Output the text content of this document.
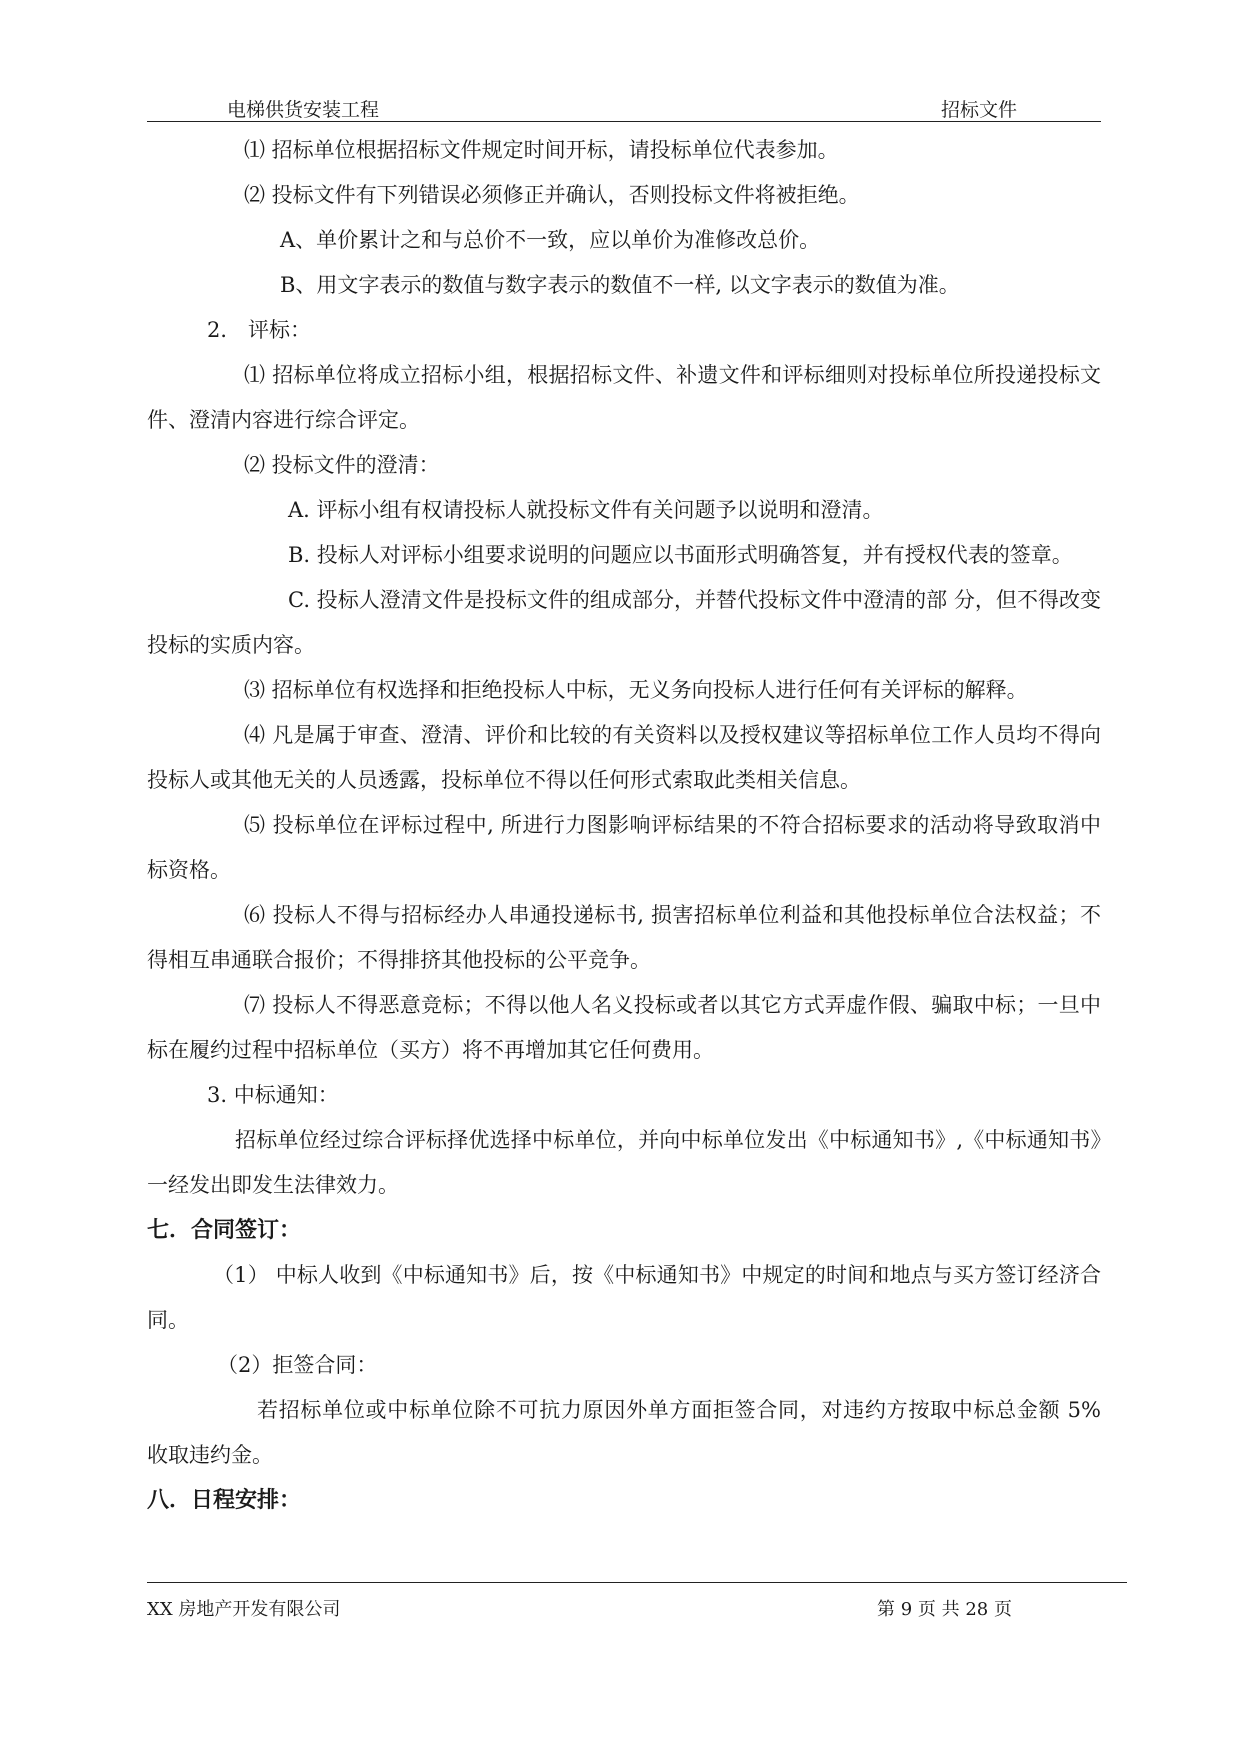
电梯供货安装工程	招标文件

⑴ 招标单位根据招标文件规定时间开标，请投标单位代表参加。

⑵ 投标文件有下列错误必须修正并确认，否则投标文件将被拒绝。

A、单价累计之和与总价不一致，应以单价为准修改总价。

B、用文字表示的数值与数字表示的数值不一样, 以文字表示的数值为准。

2． 评标：

⑴ 招标单位将成立招标小组，根据招标文件、补遗文件和评标细则对投标单位所投递投标文件、澄清内容进行综合评定。

⑵ 投标文件的澄清：

A. 评标小组有权请投标人就投标文件有关问题予以说明和澄清。

B. 投标人对评标小组要求说明的问题应以书面形式明确答复，并有授权代表的签章。

C. 投标人澄清文件是投标文件的组成部分，并替代投标文件中澄清的部 分，但不得改变投标的实质内容。

⑶ 招标单位有权选择和拒绝投标人中标，无义务向投标人进行任何有关评标的解释。

⑷ 凡是属于审查、澄清、评价和比较的有关资料以及授权建议等招标单位工作人员均不得向投标人或其他无关的人员透露，投标单位不得以任何形式索取此类相关信息。

⑸ 投标单位在评标过程中, 所进行力图影响评标结果的不符合招标要求的活动将导致取消中标资格。

⑹ 投标人不得与招标经办人串通投递标书, 损害招标单位利益和其他投标单位合法权益；不得相互串通联合报价；不得排挤其他投标的公平竞争。

⑺ 投标人不得恶意竞标；不得以他人名义投标或者以其它方式弄虚作假、骗取中标；一旦中标在履约过程中招标单位（买方）将不再增加其它任何费用。

3. 中标通知：

招标单位经过综合评标择优选择中标单位，并向中标单位发出《中标通知书》,《中标通知书》一经发出即发生法律效力。

七．合同签订：

（1） 中标人收到《中标通知书》后，按《中标通知书》中规定的时间和地点与买方签订经济合同。

（2）拒签合同：

若招标单位或中标单位除不可抗力原因外单方面拒签合同，对违约方按取中标总金额 5% 收取违约金。

八．日程安排：

XX 房地产开发有限公司	第 9 页 共 28 页
